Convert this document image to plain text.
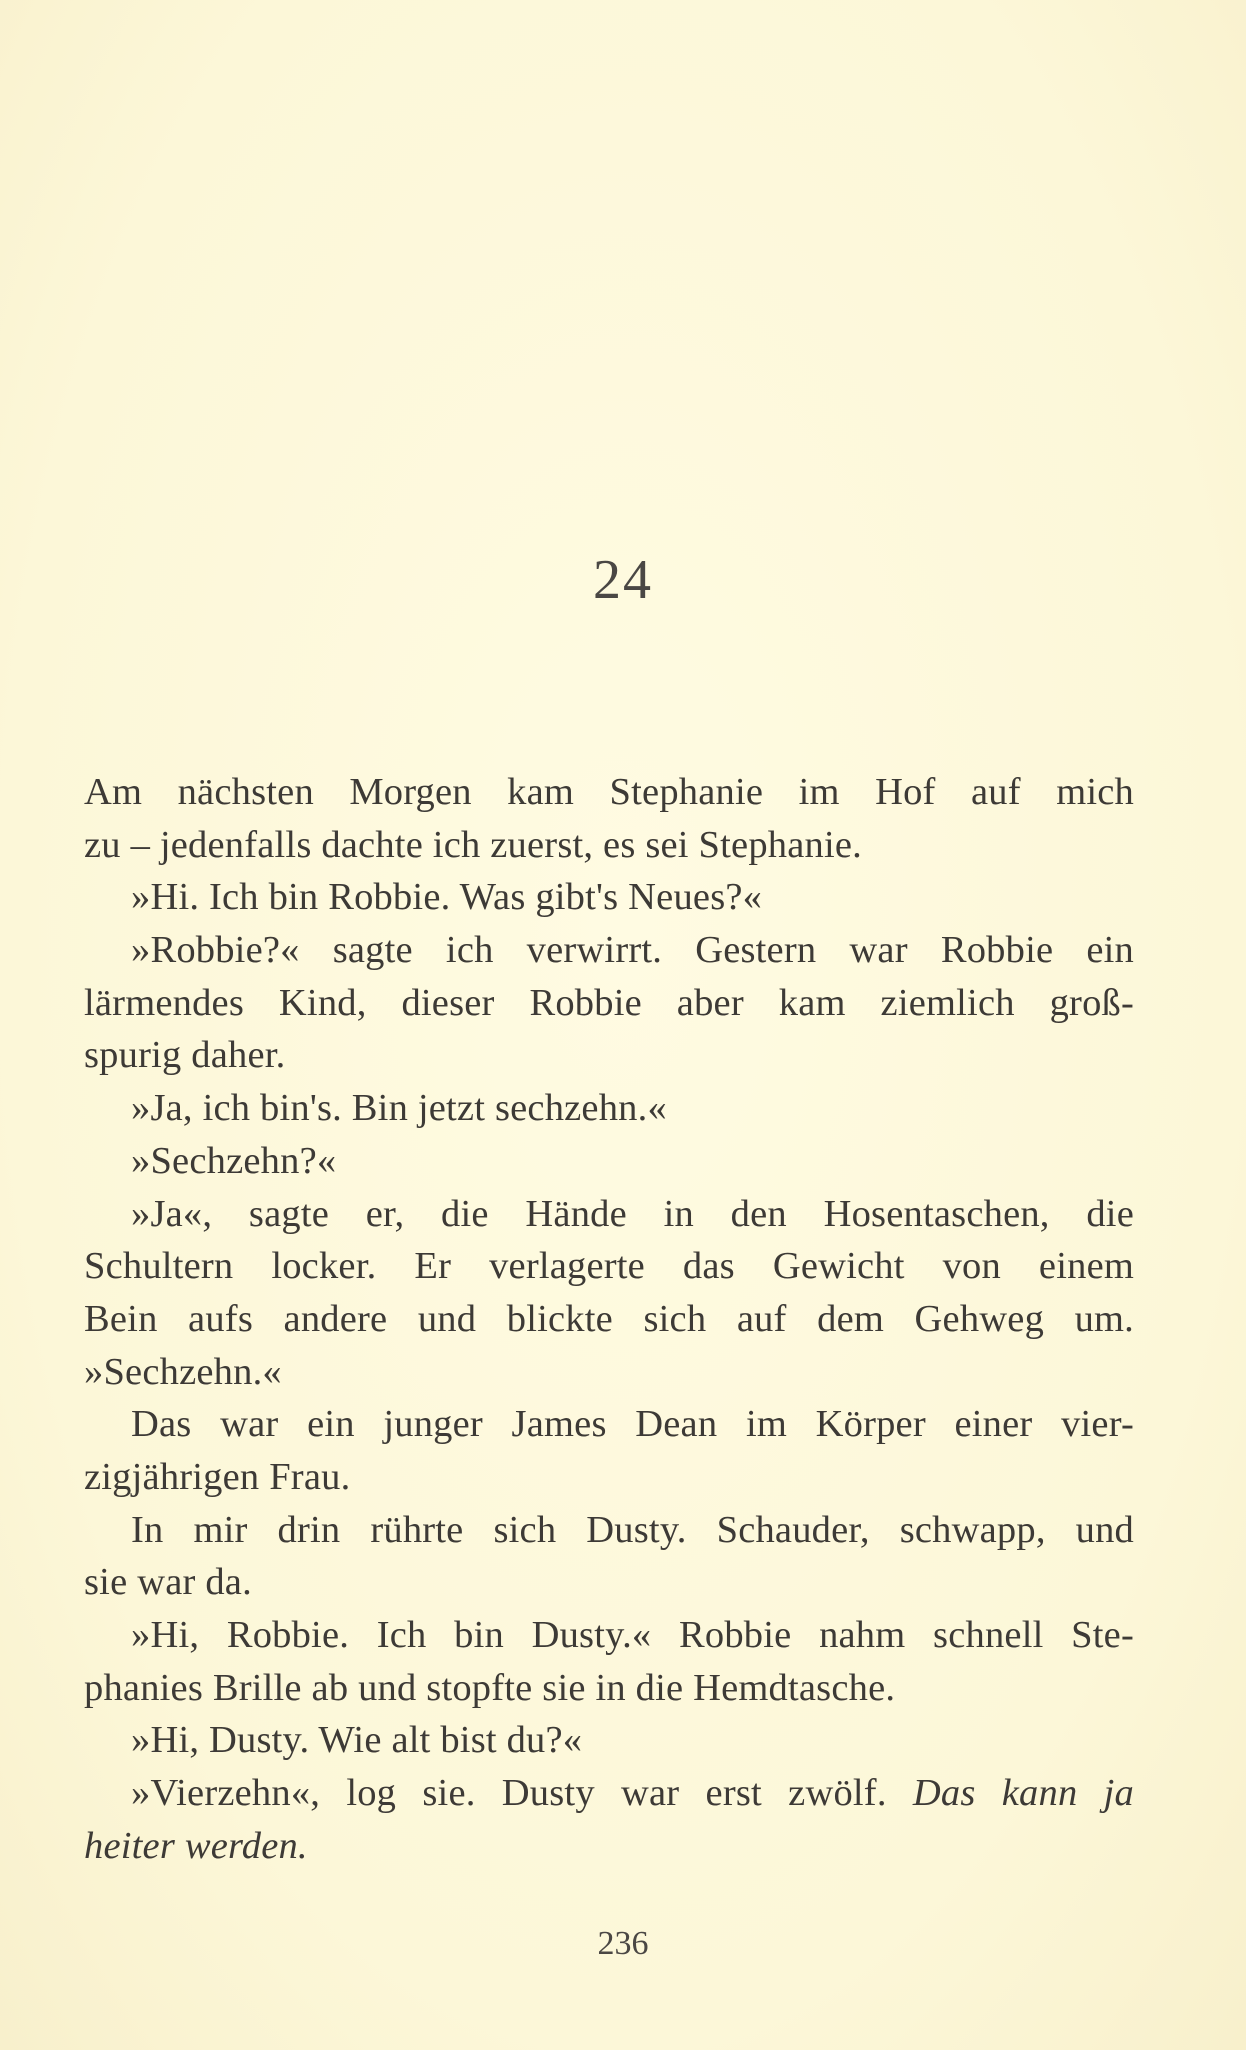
24
Am nächsten Morgen kam Stephanie im Hof auf mich
zu – jedenfalls dachte ich zuerst, es sei Stephanie.
»Hi. Ich bin Robbie. Was gibt's Neues?«
»Robbie?« sagte ich verwirrt. Gestern war Robbie ein
lärmendes Kind, dieser Robbie aber kam ziemlich groß-
spurig daher.
»Ja, ich bin's. Bin jetzt sechzehn.«
»Sechzehn?«
»Ja«, sagte er, die Hände in den Hosentaschen, die
Schultern locker. Er verlagerte das Gewicht von einem
Bein aufs andere und blickte sich auf dem Gehweg um.
»Sechzehn.«
Das war ein junger James Dean im Körper einer vier-
zigjährigen Frau.
In mir drin rührte sich Dusty. Schauder, schwapp, und
sie war da.
»Hi, Robbie. Ich bin Dusty.« Robbie nahm schnell Ste-
phanies Brille ab und stopfte sie in die Hemdtasche.
»Hi, Dusty. Wie alt bist du?«
»Vierzehn«, log sie. Dusty war erst zwölf. Das kann ja
heiter werden.
236
